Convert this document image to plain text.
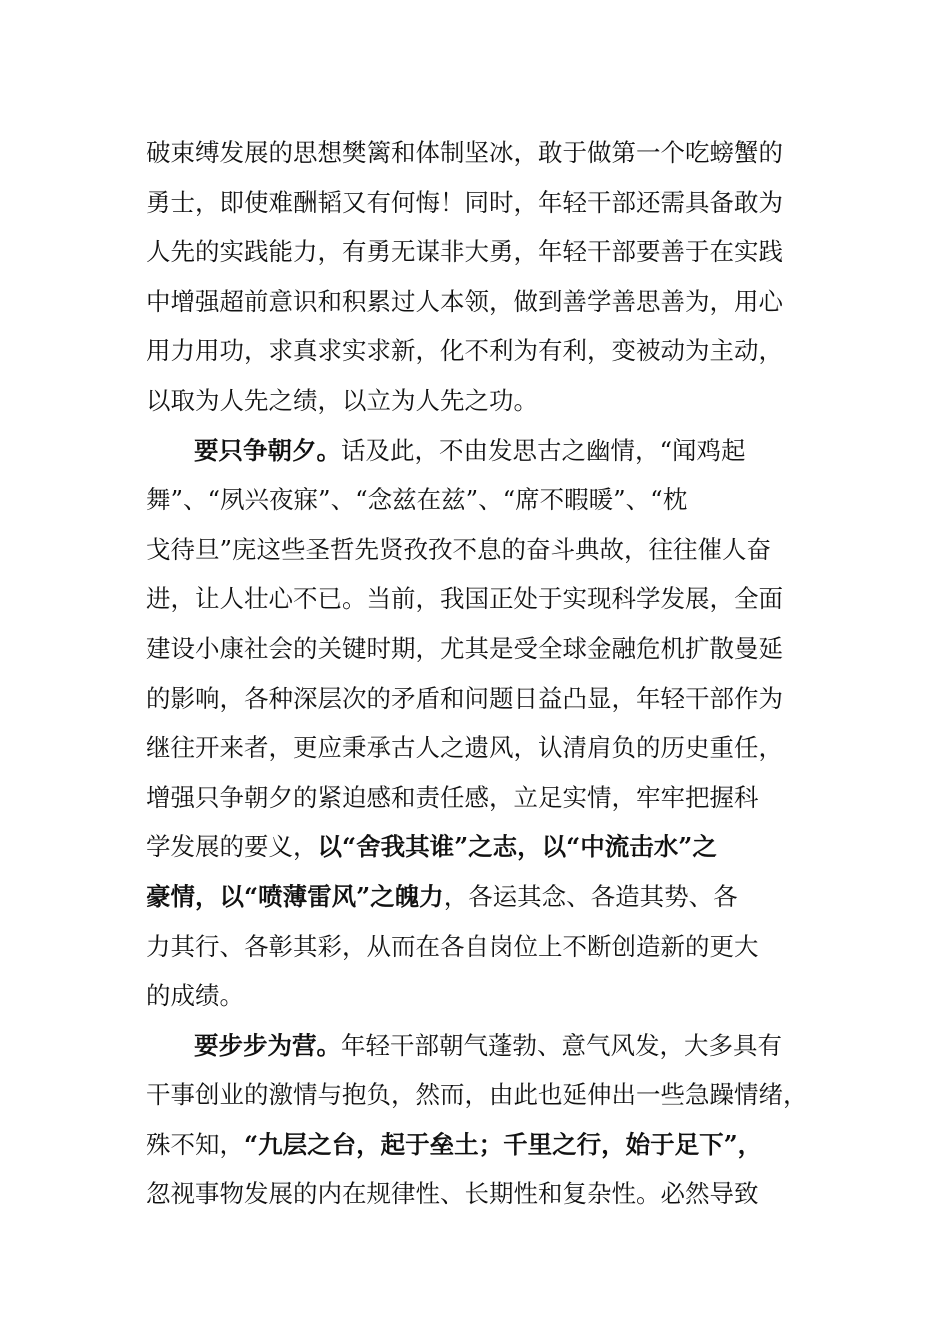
破束缚发展的思想樊篱和体制坚冰，敢于做第一个吃螃蟹的
勇士，即使难酬韬又有何悔！同时，年轻干部还需具备敢为
人先的实践能力，有勇无谋非大勇，年轻干部要善于在实践
中增强超前意识和积累过人本领，做到善学善思善为，用心
用力用功，求真求实求新，化不利为有利，变被动为主动，
以取为人先之绩，以立为人先之功。
要只争朝夕。话及此，不由发思古之幽情，“闻鸡起
舞”、“夙兴夜寐”、“念兹在兹”、“席不暇暖”、“枕
戈待旦”庑这些圣哲先贤孜孜不息的奋斗典故，往往催人奋
进，让人壮心不已。当前，我国正处于实现科学发展，全面
建设小康社会的关键时期，尤其是受全球金融危机扩散曼延
的影响，各种深层次的矛盾和问题日益凸显，年轻干部作为
继往开来者，更应秉承古人之遗风，认清肩负的历史重任，
增强只争朝夕的紧迫感和责任感，立足实情，牢牢把握科
学发展的要义，以“舍我其谁”之志，以“中流击水”之
豪情，以“喷薄雷风”之魄力，各运其念、各造其势、各
力其行、各彰其彩，从而在各自岗位上不断创造新的更大
的成绩。
要步步为营。年轻干部朝气蓬勃、意气风发，大多具有
干事创业的激情与抱负，然而，由此也延伸出一些急躁情绪，
殊不知，“九层之台，起于垒土；千里之行，始于足下”，
忽视事物发展的内在规律性、长期性和复杂性。必然导致
